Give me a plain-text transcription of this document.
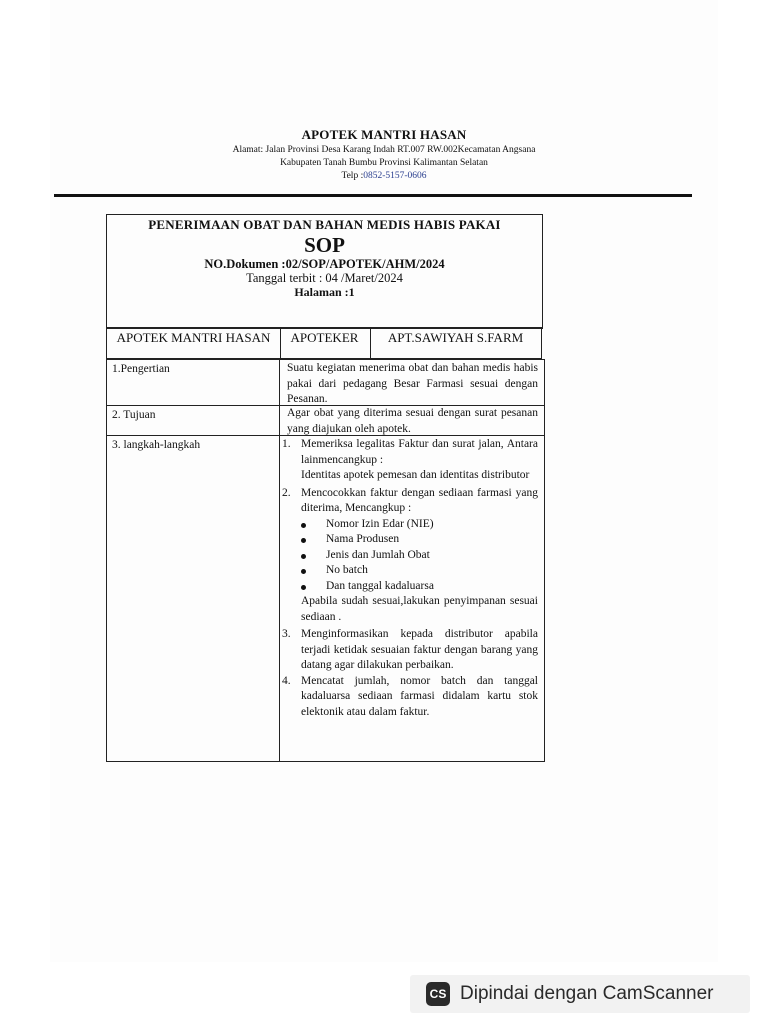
APOTEK MANTRI HASAN
Alamat: Jalan Provinsi Desa Karang Indah RT.007 RW.002Kecamatan Angsana
Kabupaten Tanah Bumbu Provinsi Kalimantan Selatan
Telp :0852-5157-0606
PENERIMAAN OBAT DAN BAHAN MEDIS HABIS PAKAI
SOP
NO.Dokumen :02/SOP/APOTEK/AHM/2024
Tanggal terbit : 04 /Maret/2024
Halaman :1
APOTEK MANTRI HASAN	APOTEKER	APT.SAWIYAH S.FARM
1.Pengertian	Suatu kegiatan menerima obat dan bahan medis habis pakai dari pedagang Besar Farmasi sesuai dengan Pesanan.
2. Tujuan	Agar obat yang diterima sesuai dengan surat pesanan yang diajukan oleh apotek.
3. langkah-langkah	1. Memeriksa legalitas Faktur dan surat jalan, Antara lainmencangkup :
Identitas apotek pemesan dan identitas distributor
2. Mencocokkan faktur dengan sediaan farmasi yang diterima, Mencangkup :
Nomor Izin Edar (NIE)
Nama Produsen
Jenis dan Jumlah Obat
No batch
Dan tanggal kadaluarsa
Apabila sudah sesuai,lakukan penyimpanan sesuai sediaan .
3. Menginformasikan kepada distributor apabila terjadi ketidak sesuaian faktur dengan barang yang datang agar dilakukan perbaikan.
4. Mencatat jumlah, nomor batch dan tanggal kadaluarsa sediaan farmasi didalam kartu stok elektonik atau dalam faktur.
CS Dipindai dengan CamScanner
